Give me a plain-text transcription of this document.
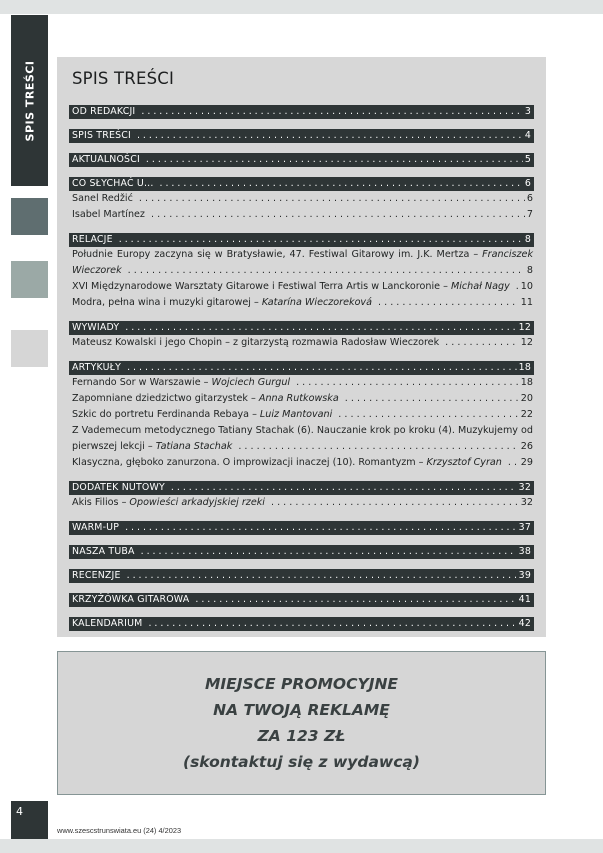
SPIS TREŚCI SPIS TREŚCI
OD REDAKCJI . . .	3
SPIS TREŚCI . . .	4
AKTUALNOŚCI . . .	5
CO SŁYCHAĆ U... . . .	6
Sanel Redžić . . .	6
Isabel Martínez . . .	7
RELACJE . . .	8
Południe Europy zaczyna się w Bratysławie, 47. Festiwal Gitarowy im. J.K. Mertza – Franciszek
Wieczorek . . .	8
XVI Międzynarodowe Warsztaty Gitarowe i Festiwal Terra Artis w Lanckoronie – Michał Nagy . . . 10
Modra, pełna wina i muzyki gitarowej – Katarína Wieczoreková . . .	11
WYWIADY . . .	12
Mateusz Kowalski i jego Chopin – z gitarzystą rozmawia Radosław Wieczorek . . .	12
ARTYKUŁY . . .	18
Fernando Sor w Warszawie – Wojciech Gurgul . . .	18
Zapomniane dziedzictwo gitarzystek – Anna Rutkowska . . .	20
Szkic do portretu Ferdinanda Rebaya – Luiz Mantovani . . .	22
Z Vademecum metodycznego Tatiany Stachak (6). Nauczanie krok po kroku (4). Muzykujemy od
pierwszej lekcji – Tatiana Stachak . . .	26
Klasyczna, głęboko zanurzona. O improwizacji inaczej (10). Romantyzm – Krzysztof Cyran . . . 29
DODATEK NUTOWY . . .	32
Akis Filios – Opowieści arkadyjskiej rzeki . . .	32
WARM-UP . . .	37
NASZA TUBA . . .	38
RECENZJE . . .	39
KRZYŻÓWKA GITAROWA . . .	41
KALENDARIUM . . .	42
MIEJSCE PROMOCYJNE
NA TWOJĄ REKLAMĘ
ZA 123 ZŁ
(skontaktuj się z wydawcą)
4
www.szescstrunswiata.eu (24) 4/2023
